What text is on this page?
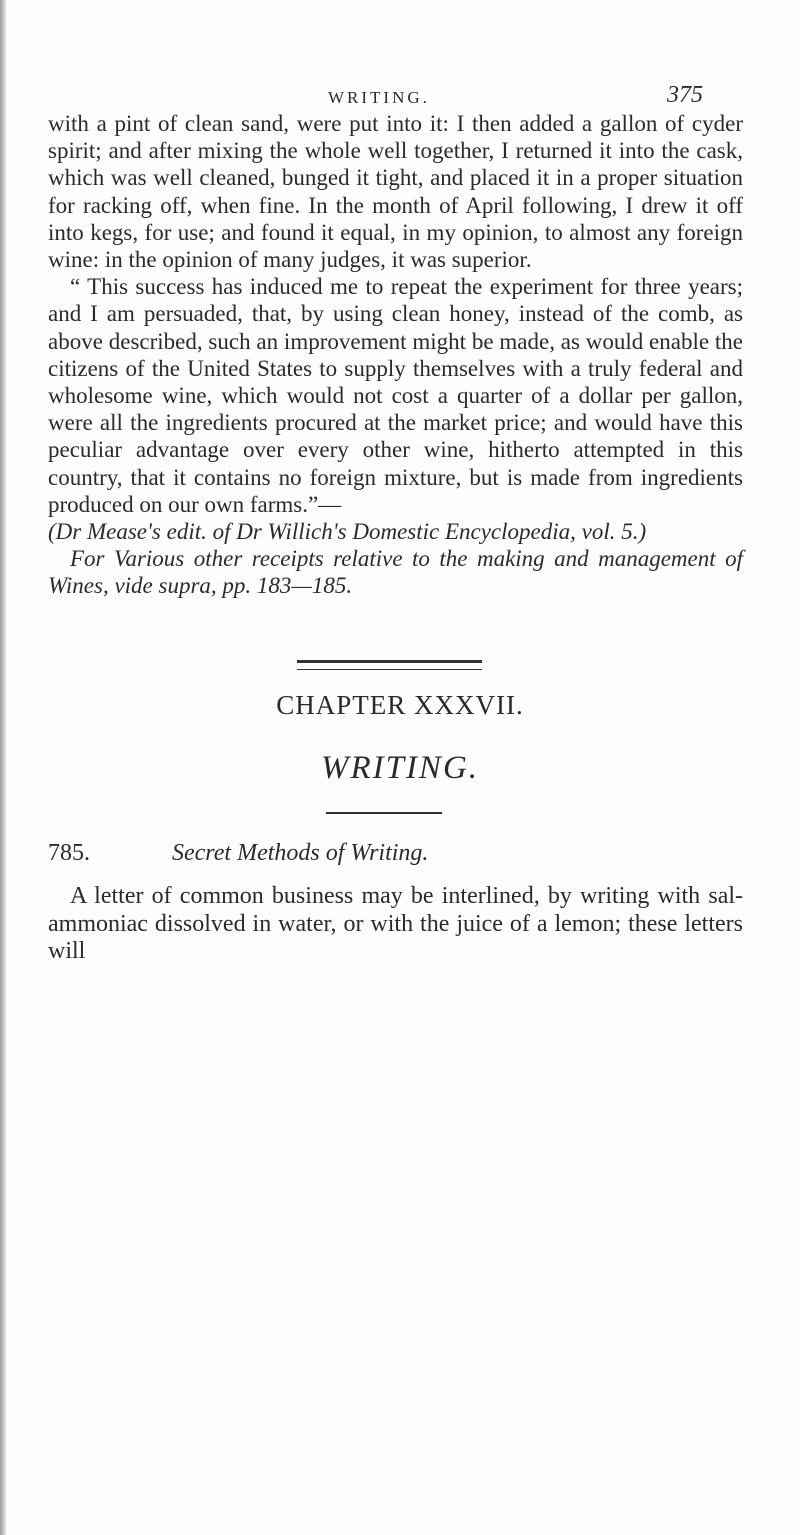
WRITING.	375

with a pint of clean sand, were put into it: I then added a gallon of cyder spirit; and after mixing the whole well together, I returned it into the cask, which was well cleaned, bunged it tight, and placed it in a proper situation for racking off, when fine. In the month of April following, I drew it off into kegs, for use; and found it equal, in my opinion, to almost any foreign wine: in the opinion of many judges, it was superior.

“ This success has induced me to repeat the experiment for three years; and I am persuaded, that, by using clean honey, instead of the comb, as above described, such an improvement might be made, as would enable the citizens of the United States to supply themselves with a truly federal and wholesome wine, which would not cost a quarter of a dollar per gallon, were all the ingredients procured at the market price; and would have this peculiar advantage over every other wine, hitherto attempted in this country, that it contains no foreign mixture, but is made from ingredients produced on our own farms.”—

(Dr Mease's edit. of Dr Willich's Domestic Encyclopedia, vol. 5.)

For Various other receipts relative to the making and management of Wines, vide supra, pp. 183—185.

CHAPTER XXXVII.
WRITING.
785.	Secret Methods of Writing.

A letter of common business may be interlined, by writing with sal-ammoniac dissolved in water, or with the juice of a lemon; these letters will
